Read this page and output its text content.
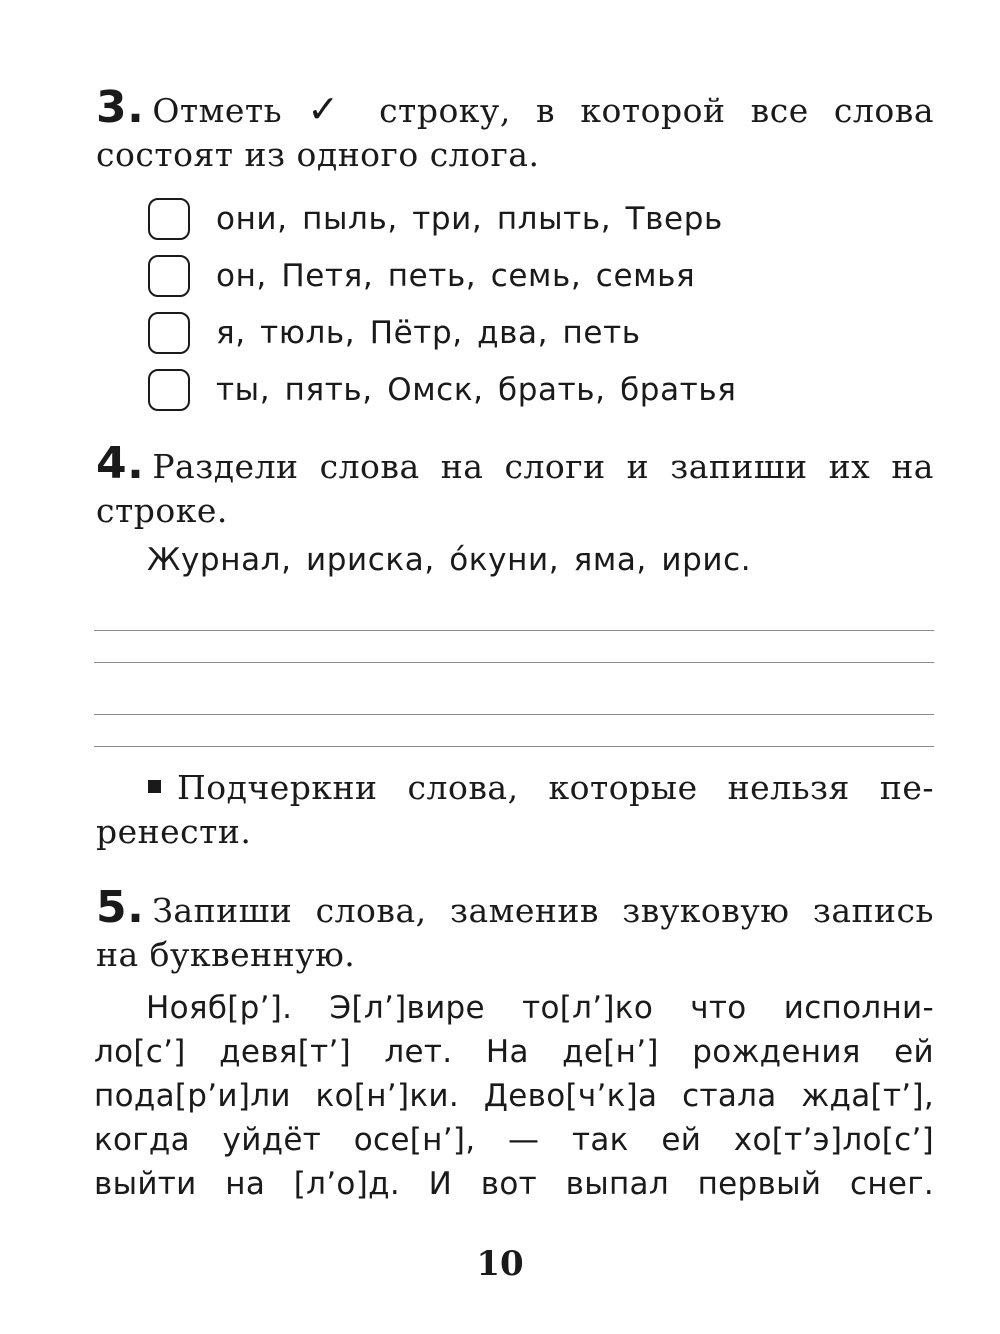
3. Отметь ✓ строку, в которой все слова состоят из одного слога.

они, пыль, три, плыть, Тверь
он, Петя, петь, семь, семья
я, тюль, Пётр, два, петь
ты, пять, Омск, брать, братья

4. Раздели слова на слоги и запиши их на строке.

Журнал, ириска, о́куни, яма, ирис.

Подчеркни слова, которые нельзя пе-
ренести.

5. Запиши слова, заменив звуковую запись на буквенную.

Нояб[р’]. Э[л’]вире то[л’]ко что исполни-
ло[с’] девя[т’] лет. На де[н’] рождения ей
пода[р’и]ли ко[н’]ки. Дево[ч’к]а стала жда[т’],
когда уйдёт осе[н’], — так ей хо[т’э]ло[с’]
выйти на [л’о]д. И вот выпал первый снег.
10
